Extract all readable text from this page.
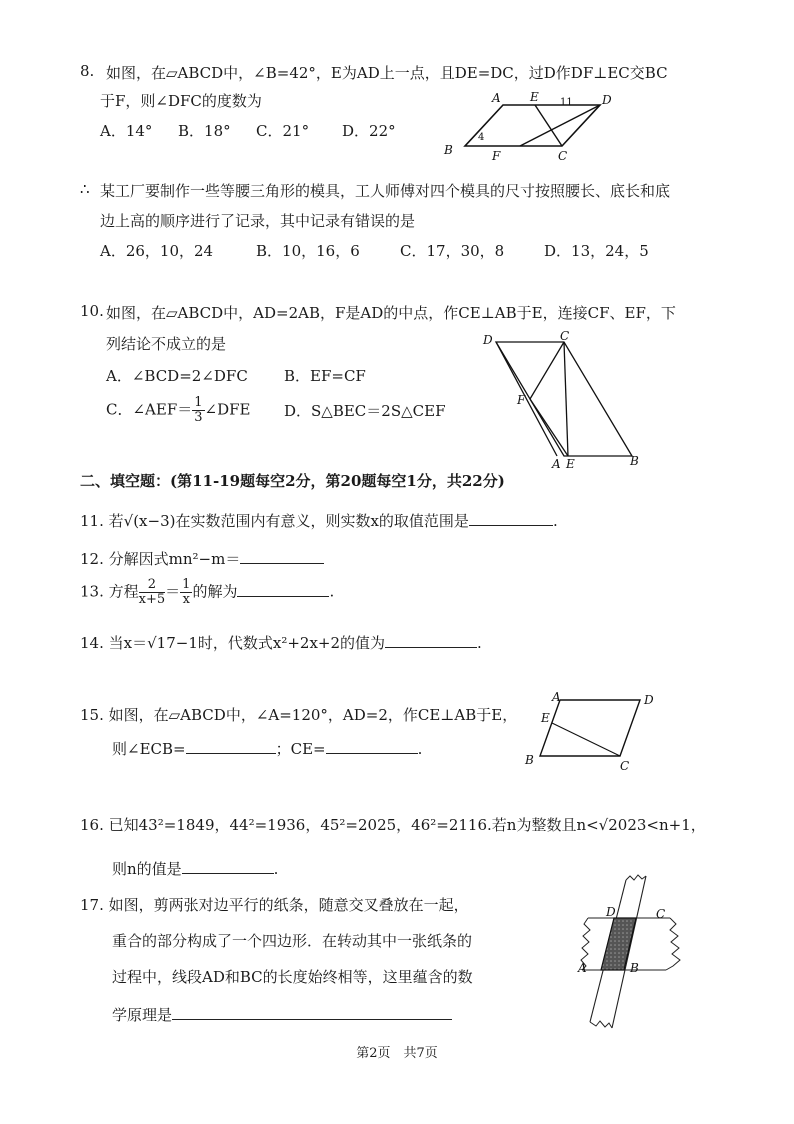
8. 如图，在▱ABCD中，∠B=42°，E为AD上一点，且DE=DC，过D作DF⊥EC交BC
于F，则∠DFC的度数为
A．14° B．18° C．21° D．22°
A E	D
B	F	C
11
4
∴ 某工厂要制作一些等腰三角形的模具，工人师傅对四个模具的尺寸按照腰长、底长和底
边上高的顺序进行了记录，其中记录有错误的是
A．26，10，24	B．10，16，6	C．17，30，8	D．13，24，5
10. 如图，在▱ABCD中，AD=2AB，F是AD的中点，作CE⊥AB于E，连接CF、EF，下
列结论不成立的是
A．∠BCD=2∠DFC B．EF=CF
C．∠AEF＝ $\frac{1}{3}$ ∠DFE D．S△BEC＝2S△CEF
D	C
F
A E	B
二、填空题：(第11-19题每空2分，第20题每空1分，共22分)
11. 若√(x−3)在实数范围内有意义，则实数x的取值范围是	.
12. 分解因式mn²−m＝
13. 方程 $\frac{2}{x+5} = \frac{1}{x}$ 的解为	.
14. 当x＝√17−1时，代数式x²+2x+2的值为	.
15. 如图，在▱ABCD中，∠A=120°，AD=2，作CE⊥AB于E，
则∠ECB=	；CE=	.
A	D
E
B	C
16. 已知43²=1849，44²=1936，45²=2025，46²=2116.若n为整数且n<√2023<n+1，
则n的值是	.
17. 如图，剪两张对边平行的纸条，随意交叉叠放在一起，
重合的部分构成了一个四边形．在转动其中一张纸条的
过程中，线段AD和BC的长度始终相等，这里蕴含的数
学原理是
D	C
A	B
第2页　共7页
